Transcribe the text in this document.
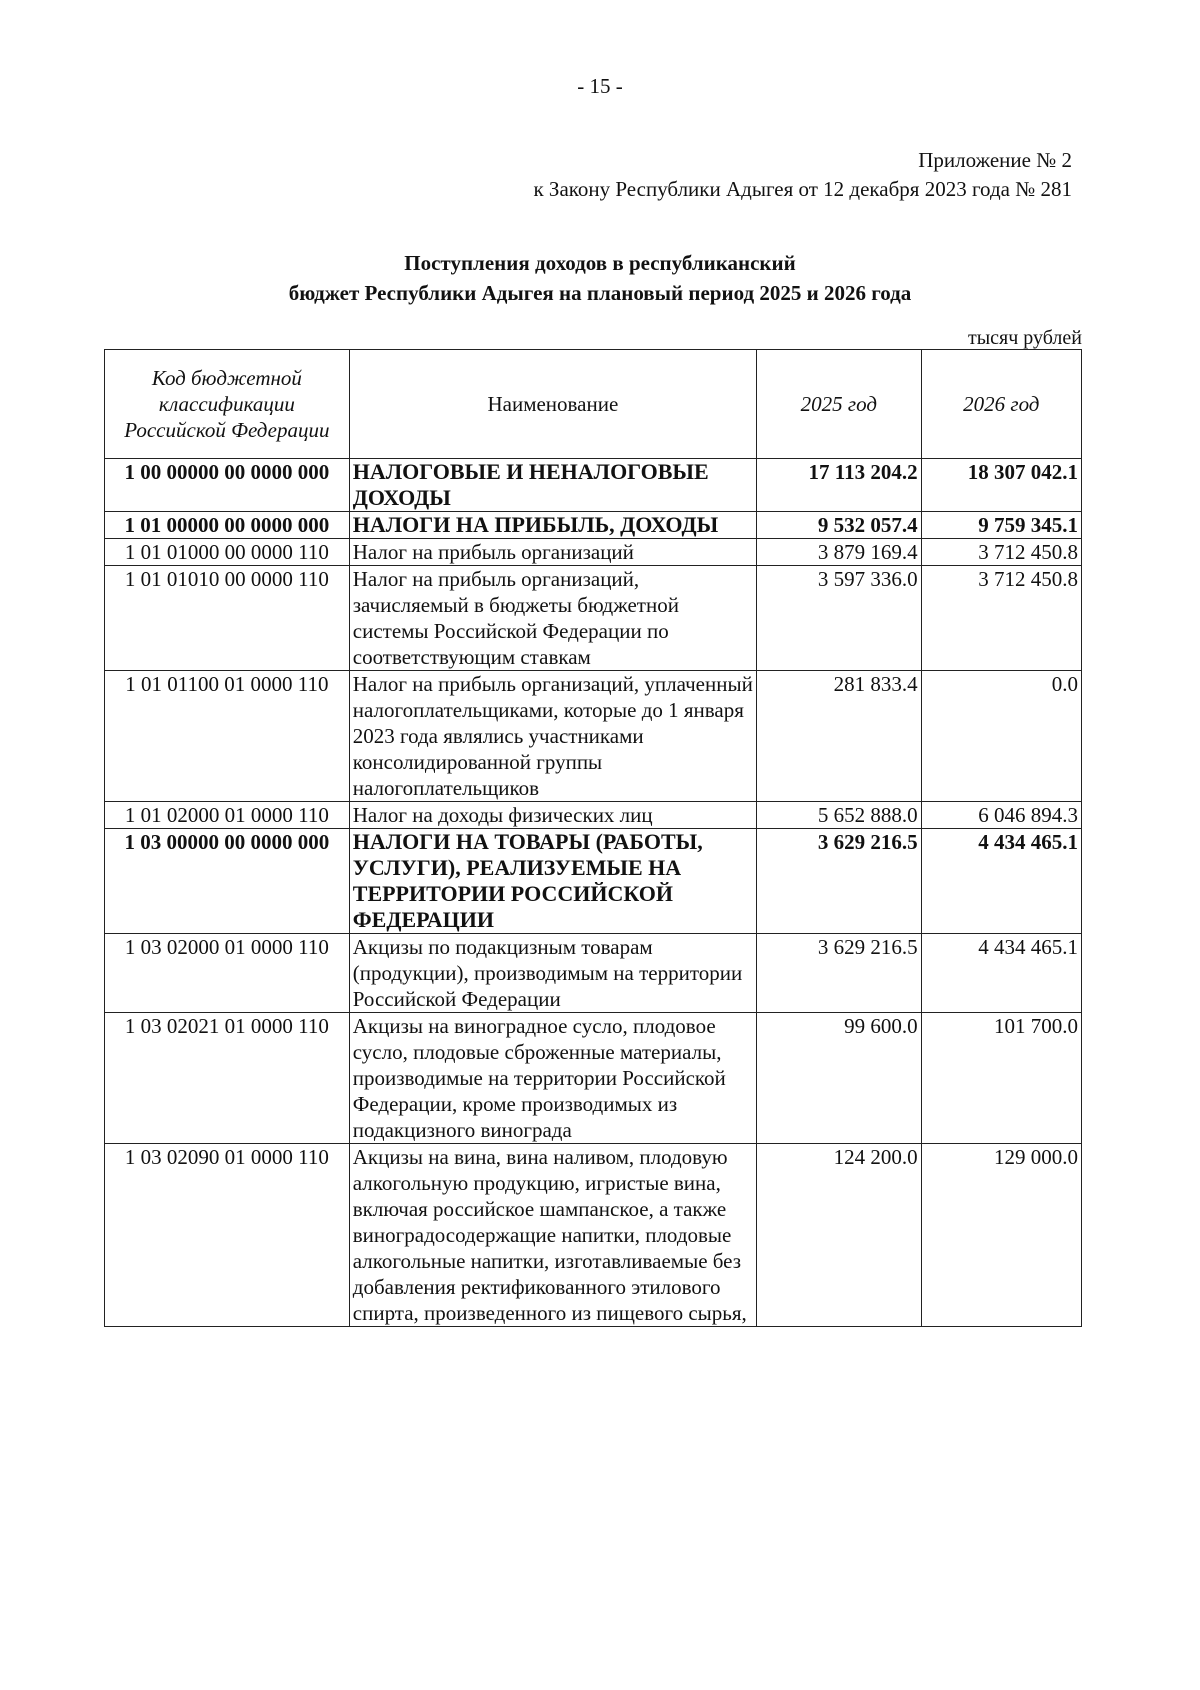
- 15 -
Приложение № 2
к Закону Республики Адыгея от 12 декабря 2023 года № 281
Поступления доходов в республиканский
бюджет Республики Адыгея на плановый период 2025 и 2026 года
тысяч рублей
Код бюджетной классификации Российской Федерации	Наименование	2025 год	2026 год
1 00 00000 00 0000 000	НАЛОГОВЫЕ И НЕНАЛОГОВЫЕ ДОХОДЫ	17 113 204.2	18 307 042.1
1 01 00000 00 0000 000	НАЛОГИ НА ПРИБЫЛЬ, ДОХОДЫ	9 532 057.4	9 759 345.1
1 01 01000 00 0000 110	Налог на прибыль организаций	3 879 169.4	3 712 450.8
1 01 01010 00 0000 110	Налог на прибыль организаций, зачисляемый в бюджеты бюджетной системы Российской Федерации по соответствующим ставкам	3 597 336.0	3 712 450.8
1 01 01100 01 0000 110	Налог на прибыль организаций, уплаченный налогоплательщиками, которые до 1 января 2023 года являлись участниками консолидированной группы налогоплательщиков	281 833.4	0.0
1 01 02000 01 0000 110	Налог на доходы физических лиц	5 652 888.0	6 046 894.3
1 03 00000 00 0000 000	НАЛОГИ НА ТОВАРЫ (РАБОТЫ, УСЛУГИ), РЕАЛИЗУЕМЫЕ НА ТЕРРИТОРИИ РОССИЙСКОЙ ФЕДЕРАЦИИ	3 629 216.5	4 434 465.1
1 03 02000 01 0000 110	Акцизы по подакцизным товарам (продукции), производимым на территории Российской Федерации	3 629 216.5	4 434 465.1
1 03 02021 01 0000 110	Акцизы на виноградное сусло, плодовое сусло, плодовые сброженные материалы, производимые на территории Российской Федерации, кроме производимых из подакцизного винограда	99 600.0	101 700.0
1 03 02090 01 0000 110	Акцизы на вина, вина наливом, плодовую алкогольную продукцию, игристые вина, включая российское шампанское, а также виноградосодержащие напитки, плодовые алкогольные напитки, изготавливаемые без добавления ректификованного этилового спирта, произведенного из пищевого сырья,	124 200.0	129 000.0
